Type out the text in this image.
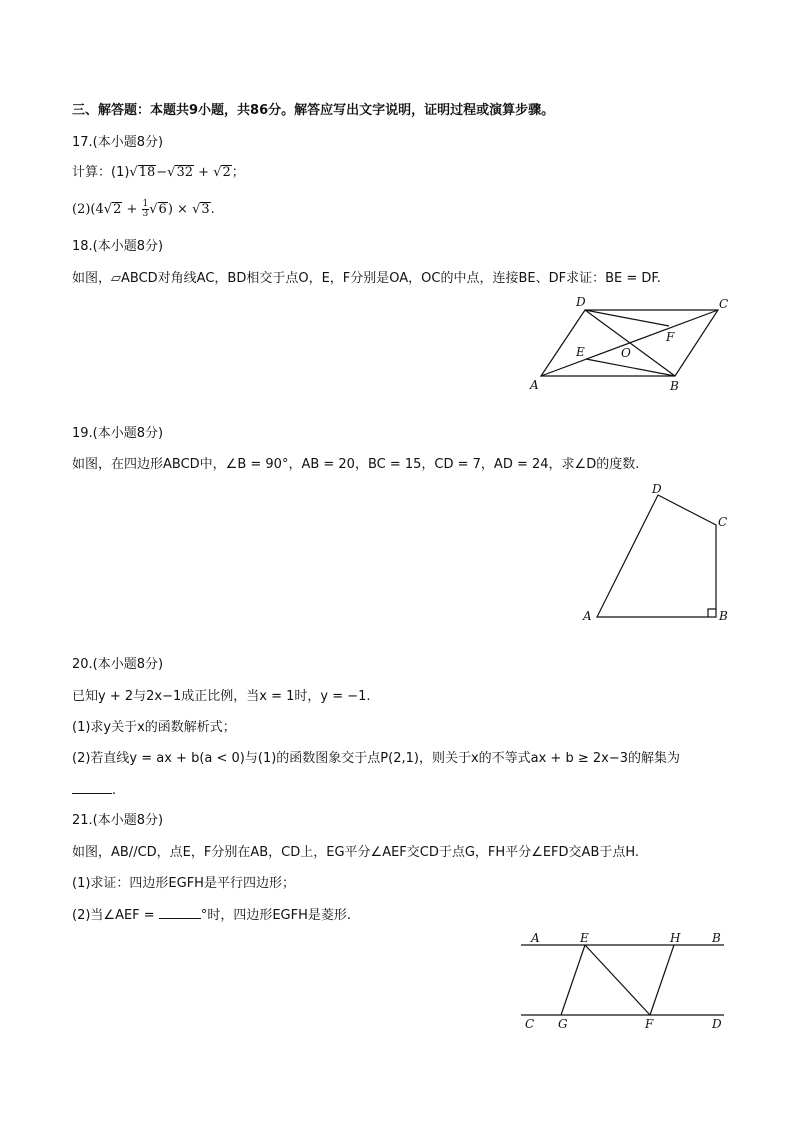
三、解答题：本题共9小题，共86分。解答应写出文字说明，证明过程或演算步骤。
17.(本小题8分)
计算：(1)√18−√32 + √2；
$(2)(4√2 + \frac{1}{3} √6) \times √3$.
18.(本小题8分)
如图，▱ABCD对角线AC，BD相交于点O，E，F分别是OA，OC的中点，连接BE、DF求证：BE = DF.
A	B
C
D
E
F
O
19.(本小题8分)
如图，在四边形ABCD中，∠B = 90°，AB = 20，BC = 15，CD = 7，AD = 24，求∠D的度数.
A	B
C
D
20.(本小题8分)
已知y + 2与2x−1成正比例，当x = 1时，y = −1.
(1)求y关于x的函数解析式；
(2)若直线y = ax + b(a < 0)与(1)的函数图象交于点P(2,1)，则关于x的不等式ax + b ≥ 2x−3的解集为
.
21.(本小题8分)
如图，AB//CD，点E，F分别在AB，CD上，EG平分∠AEF交CD于点G，FH平分∠EFD交AB于点H.
(1)求证：四边形EGFH是平行四边形；
(2)当∠AEF =	°时，四边形EGFH是菱形.
A	E	H	B
C G	F	D
